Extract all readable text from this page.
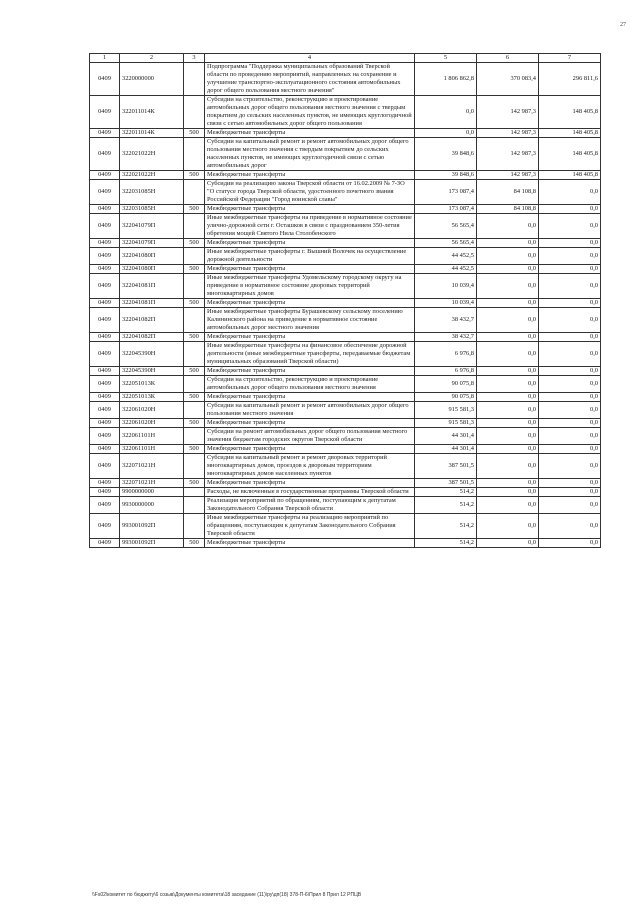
27
1	2	3	4	5	6	7
0409	3220000000		Подпрограмма "Поддержка муниципальных образований Тверской области по проведению мероприятий, направленных на сохранение и улучшение транспортно-эксплуатационного состояния автомобильных дорог общего пользования местного значения"	1 806 862,8	370 083,4	296 811,6
0409	322011014К		Субсидии на строительство, реконструкцию и проектирование автомобильных дорог общего пользования местного значения с твердым покрытием до сельских населенных пунктов, не имеющих круглогодичной связи с сетью автомобильных дорог общего пользования	0,0	142 987,3	148 405,8
0409	322011014К	500	Межбюджетные трансферты	0,0	142 987,3	148 405,8
0409	322021022Н		Субсидии на капитальный ремонт и ремонт автомобильных дорог общего пользования местного значения с твердым покрытием до сельских населенных пунктов, не имеющих круглогодичной связи с сетью автомобильных дорог	39 848,6	142 987,3	148 405,8
0409	322021022Н	500	Межбюджетные трансферты	39 848,6	142 987,3	148 405,8
0409	322031085Н		Субсидии на реализацию закона Тверской области от 16.02.2009 № 7-ЗО "О статусе города Тверской области, удостоенного почетного звания Российской Федерации "Город воинской славы"	173 087,4	84 108,8	0,0
0409	322031085Н	500	Межбюджетные трансферты	173 087,4	84 108,8	0,0
0409	322041079П		Иные межбюджетные трансферты на приведение в нормативное состояние улично-дорожной сети г. Осташков в связи с празднованием 350-летия обретения мощей Святого Нила Столобенского	56 565,4	0,0	0,0
0409	322041079П	500	Межбюджетные трансферты	56 565,4	0,0	0,0
0409	322041080П		Иные межбюджетные трансферты г. Вышний Волочек на осуществление дорожной деятельности	44 452,5	0,0	0,0
0409	322041080П	500	Межбюджетные трансферты	44 452,5	0,0	0,0
0409	322041081П		Иные межбюджетные трансферты Удомельскому городскому округу на приведение в нормативное состояние дворовых территорий многоквартирных домов	10 039,4	0,0	0,0
0409	322041081П	500	Межбюджетные трансферты	10 039,4	0,0	0,0
0409	322041082П		Иные межбюджетные трансферты Бурашевскому сельскому поселению Калининского района на приведение в нормативное состояние автомобильных дорог местного значения	38 432,7	0,0	0,0
0409	322041082П	500	Межбюджетные трансферты	38 432,7	0,0	0,0
0409	322045390Н		Иные межбюджетные трансферты на финансовое обеспечение дорожной деятельности (иные межбюджетные трансферты, передаваемые бюджетам муниципальных образований Тверской области)	6 976,8	0,0	0,0
0409	322045390Н	500	Межбюджетные трансферты	6 976,8	0,0	0,0
0409	322051013К		Субсидии на строительство, реконструкцию и проектирование автомобильных дорог общего пользования местного значения	90 075,8	0,0	0,0
0409	322051013К	500	Межбюджетные трансферты	90 075,8	0,0	0,0
0409	322061020Н		Субсидии на капитальный ремонт и ремонт автомобильных дорог общего пользования местного значения	915 581,3	0,0	0,0
0409	322061020Н	500	Межбюджетные трансферты	915 581,3	0,0	0,0
0409	322061101Н		Субсидии на ремонт автомобильных дорог общего пользования местного значения бюджетам городских округов Тверской области	44 301,4	0,0	0,0
0409	322061101Н	500	Межбюджетные трансферты	44 301,4	0,0	0,0
0409	322071021Н		Субсидии на капитальный ремонт и ремонт дворовых территорий многоквартирных домов, проездов к дворовым территориям многоквартирных домов населенных пунктов	387 501,5	0,0	0,0
0409	322071021Н	500	Межбюджетные трансферты	387 501,5	0,0	0,0
0409	9900000000		Расходы, не включенные в государственные программы Тверской области	514,2	0,0	0,0
0409	9930000000		Реализация мероприятий по обращениям, поступающим к депутатам Законодательного Собрания Тверской области	514,2	0,0	0,0
0409	993001092П		Иные межбюджетные трансферты на реализацию мероприятий по обращениям, поступающим к депутатам Законодательного Собрания Тверской области	514,2	0,0	0,0
0409	993001092П	500	Межбюджетные трансферты	514,2	0,0	0,0
\\Fs02\комитет по бюджету\6 созыв\Документы комитета\18 заседание (11)\ру\дп(18) 378-П-6\Прил 8 Прил 12 РПЦВ
